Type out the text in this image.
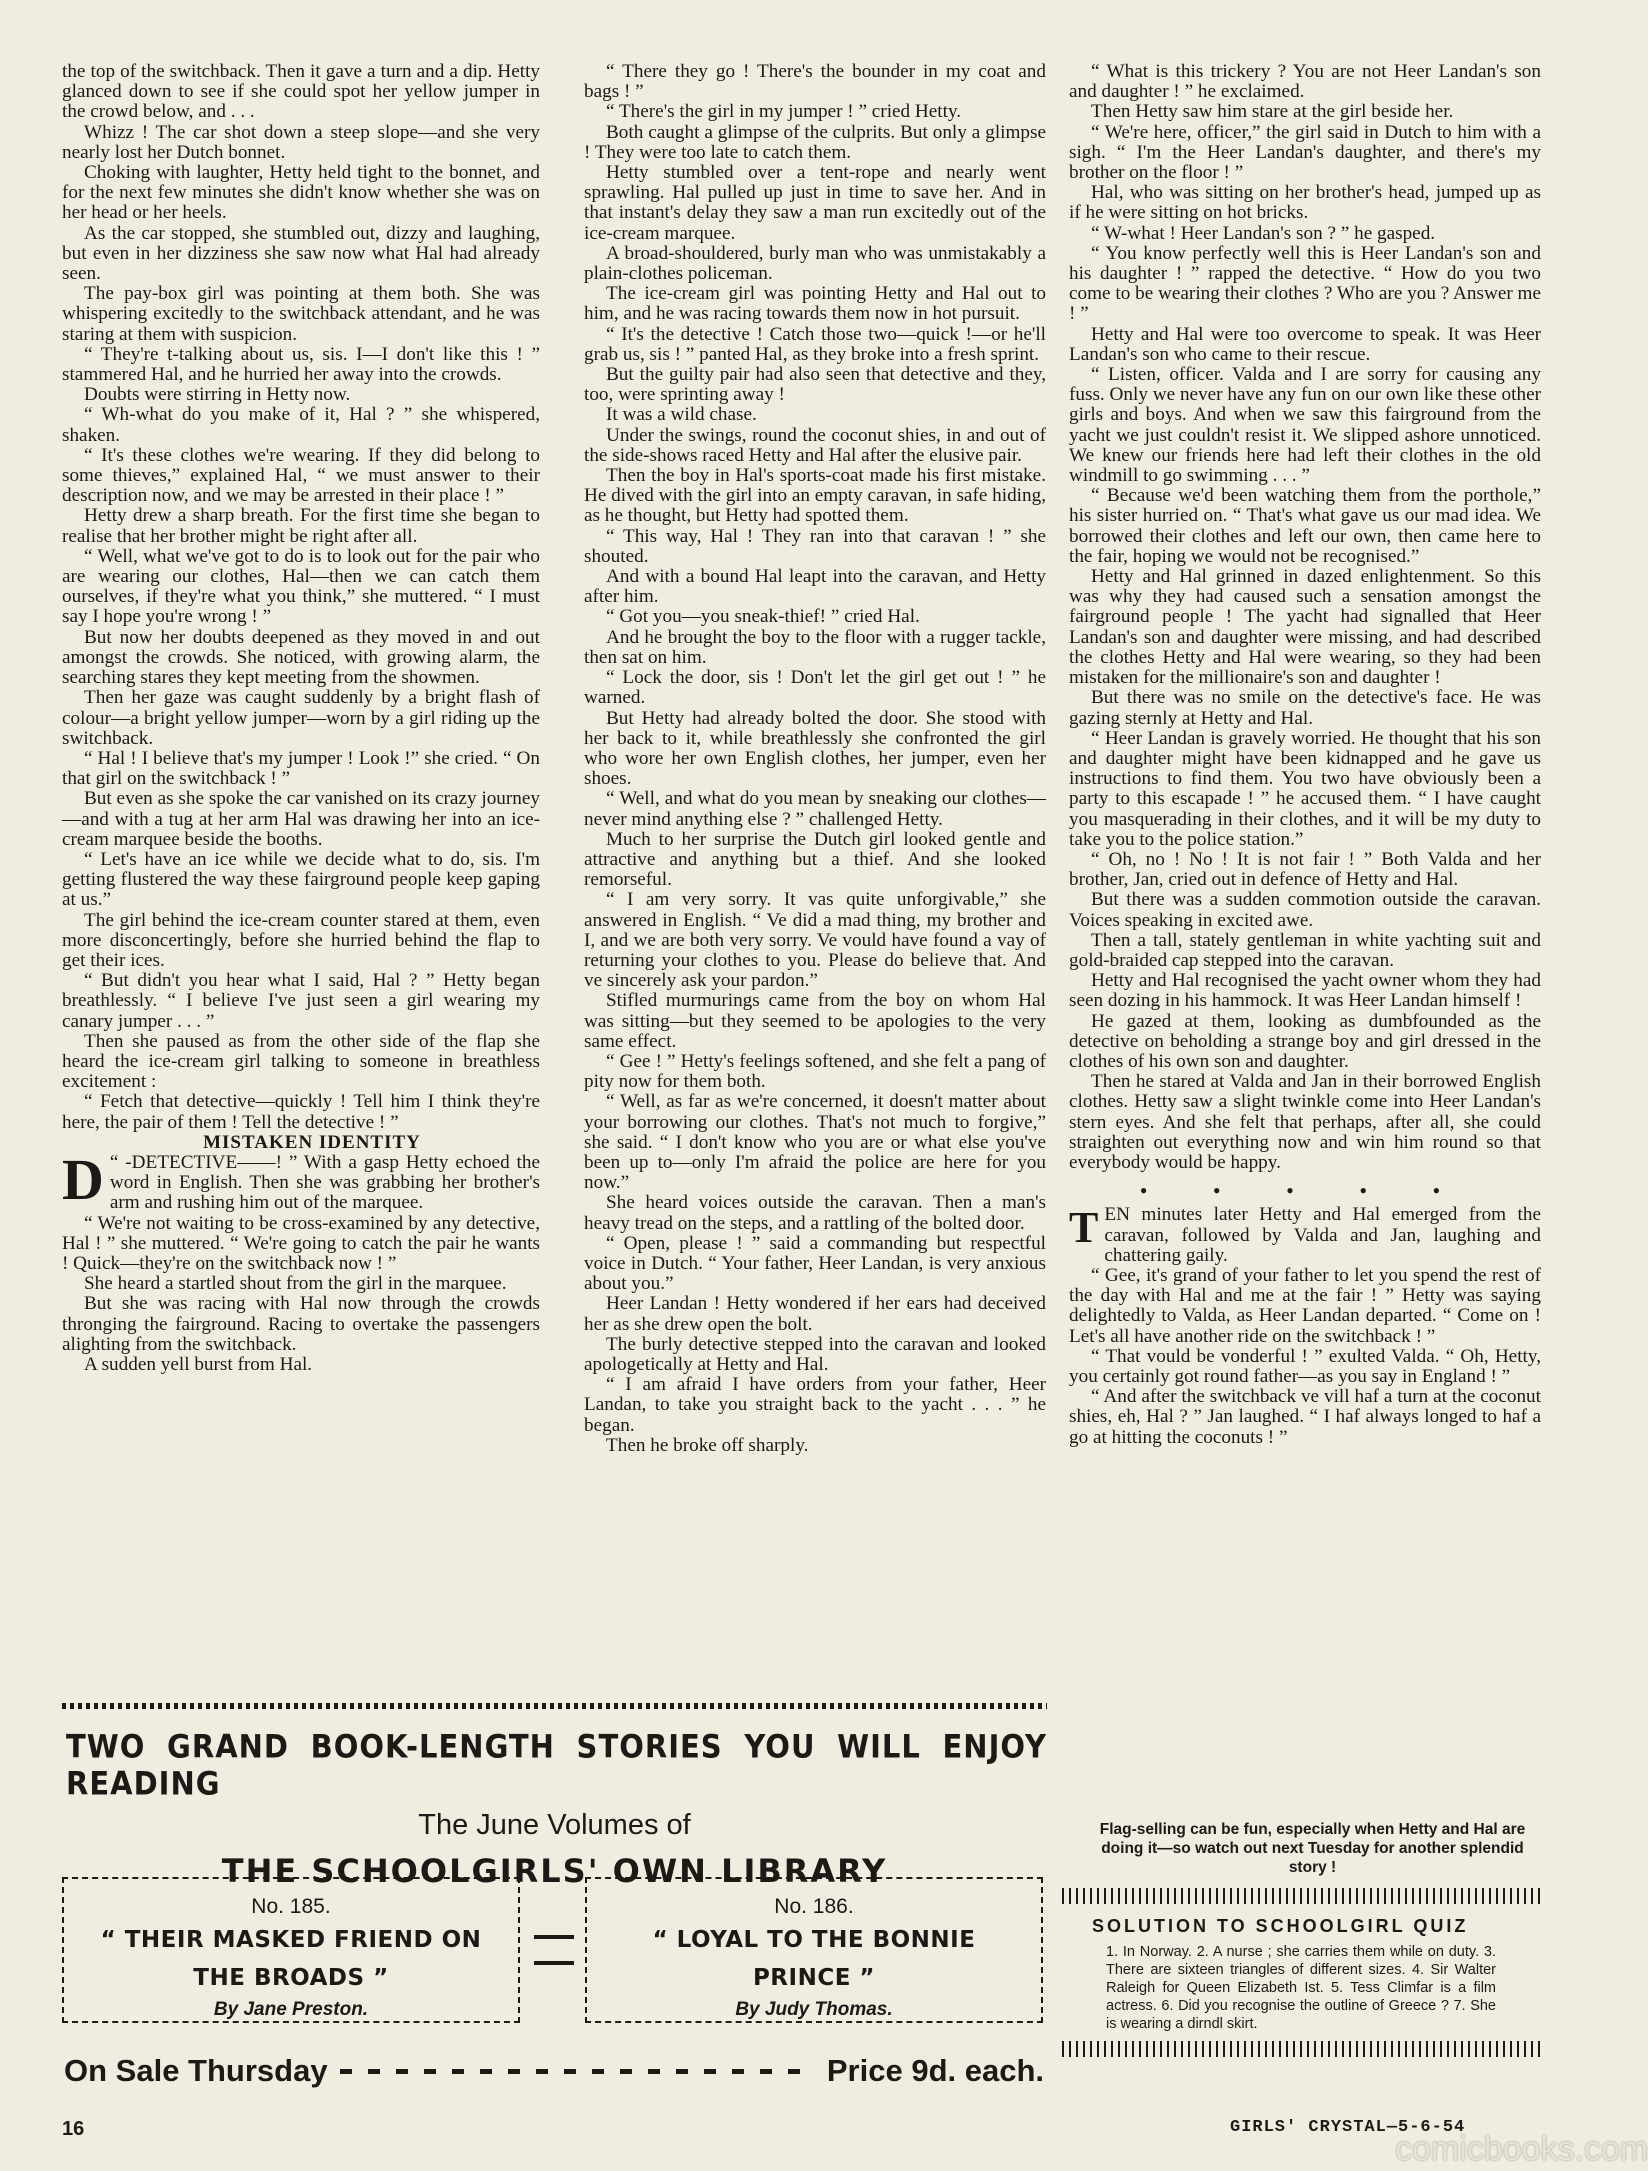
the top of the switchback. Then it gave a turn and a dip. Hetty glanced down to see if she could spot her yellow jumper in the crowd below, and . . .

Whizz ! The car shot down a steep slope—and she very nearly lost her Dutch bonnet.

Choking with laughter, Hetty held tight to the bonnet, and for the next few minutes she didn't know whether she was on her head or her heels.

As the car stopped, she stumbled out, dizzy and laughing, but even in her dizziness she saw now what Hal had already seen.

The pay-box girl was pointing at them both. She was whispering excitedly to the switchback attendant, and he was staring at them with suspicion.

“ They're t-talking about us, sis. I—I don't like this ! ” stammered Hal, and he hurried her away into the crowds.

Doubts were stirring in Hetty now.

“ Wh-what do you make of it, Hal ? ” she whispered, shaken.

“ It's these clothes we're wearing. If they did belong to some thieves,” explained Hal, “ we must answer to their description now, and we may be arrested in their place ! ”

Hetty drew a sharp breath. For the first time she began to realise that her brother might be right after all.

“ Well, what we've got to do is to look out for the pair who are wearing our clothes, Hal—then we can catch them ourselves, if they're what you think,” she muttered. “ I must say I hope you're wrong ! ”

But now her doubts deepened as they moved in and out amongst the crowds. She noticed, with growing alarm, the searching stares they kept meeting from the showmen.

Then her gaze was caught suddenly by a bright flash of colour—a bright yellow jumper—worn by a girl riding up the switchback.

“ Hal ! I believe that's my jumper ! Look !” she cried. “ On that girl on the switchback ! ”

But even as she spoke the car vanished on its crazy journey—and with a tug at her arm Hal was drawing her into an ice-cream marquee beside the booths.

“ Let's have an ice while we decide what to do, sis. I'm getting flustered the way these fairground people keep gaping at us.”

The girl behind the ice-cream counter stared at them, even more disconcertingly, before she hurried behind the flap to get their ices.

“ But didn't you hear what I said, Hal ? ” Hetty began breathlessly. “ I believe I've just seen a girl wearing my canary jumper . . . ”

Then she paused as from the other side of the flap she heard the ice-cream girl talking to someone in breathless excitement :

“ Fetch that detective—quickly ! Tell him I think they're here, the pair of them ! Tell the detective ! ”

MISTAKEN IDENTITY

D “ -DETECTIVE——! ” With a gasp Hetty echoed the word in English. Then she was grabbing her brother's arm and rushing him out of the marquee.

“ We're not waiting to be cross-examined by any detective, Hal ! ” she muttered. “ We're going to catch the pair he wants ! Quick—they're on the switchback now ! ”

She heard a startled shout from the girl in the marquee.

But she was racing with Hal now through the crowds thronging the fairground. Racing to overtake the passengers alighting from the switchback.

A sudden yell burst from Hal.

“ There they go ! There's the bounder in my coat and bags ! ”

“ There's the girl in my jumper ! ” cried Hetty.

Both caught a glimpse of the culprits. But only a glimpse ! They were too late to catch them.

Hetty stumbled over a tent-rope and nearly went sprawling. Hal pulled up just in time to save her. And in that instant's delay they saw a man run excitedly out of the ice-cream marquee.

A broad-shouldered, burly man who was unmistakably a plain-clothes policeman.

The ice-cream girl was pointing Hetty and Hal out to him, and he was racing towards them now in hot pursuit.

“ It's the detective ! Catch those two—quick !—or he'll grab us, sis ! ” panted Hal, as they broke into a fresh sprint.

But the guilty pair had also seen that detective and they, too, were sprinting away !

It was a wild chase.

Under the swings, round the coconut shies, in and out of the side-shows raced Hetty and Hal after the elusive pair.

Then the boy in Hal's sports-coat made his first mistake. He dived with the girl into an empty caravan, in safe hiding, as he thought, but Hetty had spotted them.

“ This way, Hal ! They ran into that caravan ! ” she shouted.

And with a bound Hal leapt into the caravan, and Hetty after him.

“ Got you—you sneak-thief! ” cried Hal.

And he brought the boy to the floor with a rugger tackle, then sat on him.

“ Lock the door, sis ! Don't let the girl get out ! ” he warned.

But Hetty had already bolted the door. She stood with her back to it, while breathlessly she confronted the girl who wore her own English clothes, her jumper, even her shoes.

“ Well, and what do you mean by sneaking our clothes—never mind anything else ? ” challenged Hetty.

Much to her surprise the Dutch girl looked gentle and attractive and anything but a thief. And she looked remorseful.

“ I am very sorry. It vas quite unforgivable,” she answered in English. “ Ve did a mad thing, my brother and I, and we are both very sorry. Ve vould have found a vay of returning your clothes to you. Please do believe that. And ve sincerely ask your pardon.”

Stifled murmurings came from the boy on whom Hal was sitting—but they seemed to be apologies to the very same effect.

“ Gee ! ” Hetty's feelings softened, and she felt a pang of pity now for them both.

“ Well, as far as we're concerned, it doesn't matter about your borrowing our clothes. That's not much to forgive,” she said. “ I don't know who you are or what else you've been up to—only I'm afraid the police are here for you now.”

She heard voices outside the caravan. Then a man's heavy tread on the steps, and a rattling of the bolted door.

“ Open, please ! ” said a commanding but respectful voice in Dutch. “ Your father, Heer Landan, is very anxious about you.”

Heer Landan ! Hetty wondered if her ears had deceived her as she drew open the bolt.

The burly detective stepped into the caravan and looked apologetically at Hetty and Hal.

“ I am afraid I have orders from your father, Heer Landan, to take you straight back to the yacht . . . ” he began.

Then he broke off sharply.

“ What is this trickery ? You are not Heer Landan's son and daughter ! ” he exclaimed.

Then Hetty saw him stare at the girl beside her.

“ We're here, officer,” the girl said in Dutch to him with a sigh. “ I'm the Heer Landan's daughter, and there's my brother on the floor ! ”

Hal, who was sitting on her brother's head, jumped up as if he were sitting on hot bricks.

“ W-what ! Heer Landan's son ? ” he gasped.

“ You know perfectly well this is Heer Landan's son and his daughter ! ” rapped the detective. “ How do you two come to be wearing their clothes ? Who are you ? Answer me ! ”

Hetty and Hal were too overcome to speak. It was Heer Landan's son who came to their rescue.

“ Listen, officer. Valda and I are sorry for causing any fuss. Only we never have any fun on our own like these other girls and boys. And when we saw this fairground from the yacht we just couldn't resist it. We slipped ashore unnoticed. We knew our friends here had left their clothes in the old windmill to go swimming . . . ”

“ Because we'd been watching them from the porthole,” his sister hurried on. “ That's what gave us our mad idea. We borrowed their clothes and left our own, then came here to the fair, hoping we would not be recognised.”

Hetty and Hal grinned in dazed enlightenment. So this was why they had caused such a sensation amongst the fairground people ! The yacht had signalled that Heer Landan's son and daughter were missing, and had described the clothes Hetty and Hal were wearing, so they had been mistaken for the millionaire's son and daughter !

But there was no smile on the detective's face. He was gazing sternly at Hetty and Hal.

“ Heer Landan is gravely worried. He thought that his son and daughter might have been kidnapped and he gave us instructions to find them. You two have obviously been a party to this escapade ! ” he accused them. “ I have caught you masquerading in their clothes, and it will be my duty to take you to the police station.”

“ Oh, no ! No ! It is not fair ! ” Both Valda and her brother, Jan, cried out in defence of Hetty and Hal.

But there was a sudden commotion outside the caravan. Voices speaking in excited awe.

Then a tall, stately gentleman in white yachting suit and gold-braided cap stepped into the caravan.

Hetty and Hal recognised the yacht owner whom they had seen dozing in his hammock. It was Heer Landan himself !

He gazed at them, looking as dumbfounded as the detective on beholding a strange boy and girl dressed in the clothes of his own son and daughter.

Then he stared at Valda and Jan in their borrowed English clothes. Hetty saw a slight twinkle come into Heer Landan's stern eyes. And she felt that perhaps, after all, she could straighten out everything now and win him round so that everybody would be happy.

• • • • •

TEN minutes later Hetty and Hal emerged from the caravan, followed by Valda and Jan, laughing and chattering gaily.

“ Gee, it's grand of your father to let you spend the rest of the day with Hal and me at the fair ! ” Hetty was saying delightedly to Valda, as Heer Landan departed. “ Come on ! Let's all have another ride on the switchback ! ”

“ That vould be vonderful ! ” exulted Valda. “ Oh, Hetty, you certainly got round father—as you say in England ! ”

“ And after the switchback ve vill haf a turn at the coconut shies, eh, Hal ? ” Jan laughed. “ I haf always longed to haf a go at hitting the coconuts ! ”

Flag-selling can be fun, especially when Hetty and Hal are doing it—so watch out next Tuesday for another splendid story !
SOLUTION TO SCHOOLGIRL QUIZ
1. In Norway. 2. A nurse ; she carries them while on duty. 3. There are sixteen triangles of different sizes. 4. Sir Walter Raleigh for Queen Elizabeth Ist. 5. Tess Climfar is a film actress. 6. Did you recognise the outline of Greece ? 7. She is wearing a dirndl skirt.
TWO GRAND BOOK-LENGTH STORIES YOU WILL ENJOY READING
The June Volumes of
THE SCHOOLGIRLS' OWN LIBRARY
No. 185.
“ THEIR MASKED FRIEND ON
THE BROADS ”
By Jane Preston.
No. 186.
“ LOYAL TO THE BONNIE
PRINCE ”
By Judy Thomas.
On Sale Thursday	Price 9d. each.
16	GIRLS' CRYSTAL—5-6-54
comicbooks.com
